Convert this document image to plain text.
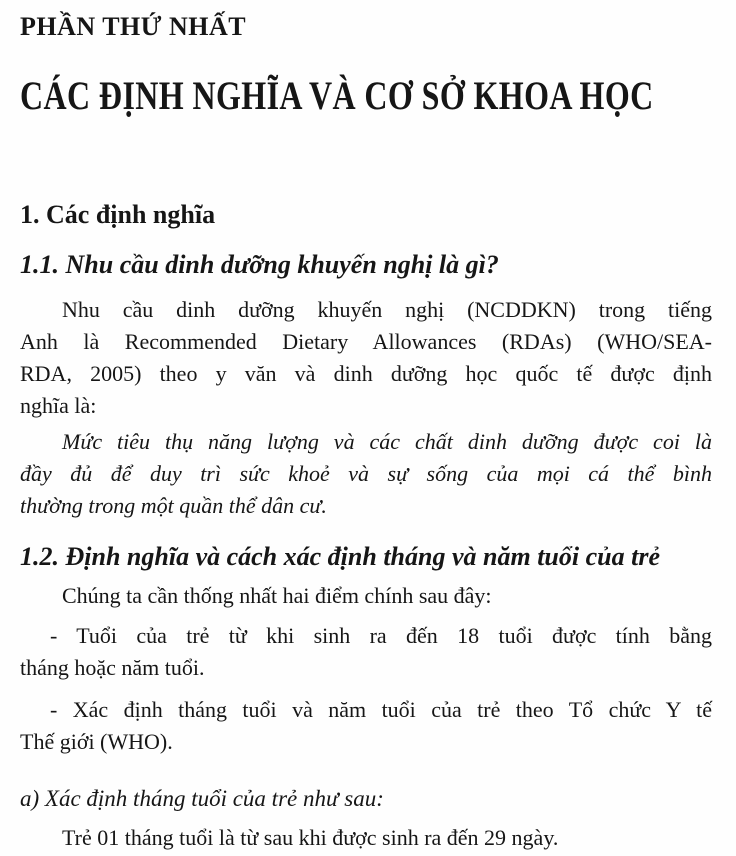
PHẦN THỨ NHẤT
CÁC ĐỊNH NGHĨA VÀ CƠ SỞ KHOA HỌC
1. Các định nghĩa
1.1. Nhu cầu dinh dưỡng khuyến nghị là gì?
Nhu cầu dinh dưỡng khuyến nghị (NCDDKN) trong tiếng
Anh là Recommended Dietary Allowances (RDAs) (WHO/SEA-
RDA, 2005) theo y văn và dinh dưỡng học quốc tế được định
nghĩa là:
Mức tiêu thụ năng lượng và các chất dinh dưỡng được coi là
đầy đủ để duy trì sức khoẻ và sự sống của mọi cá thể bình
thường trong một quần thể dân cư.
1.2. Định nghĩa và cách xác định tháng và năm tuổi của trẻ
Chúng ta cần thống nhất hai điểm chính sau đây:
- Tuổi của trẻ từ khi sinh ra đến 18 tuổi được tính bằng
tháng hoặc năm tuổi.
- Xác định tháng tuổi và năm tuổi của trẻ theo Tổ chức Y tế
Thế giới (WHO).
a) Xác định tháng tuổi của trẻ như sau:
Trẻ 01 tháng tuổi là từ sau khi được sinh ra đến 29 ngày.
